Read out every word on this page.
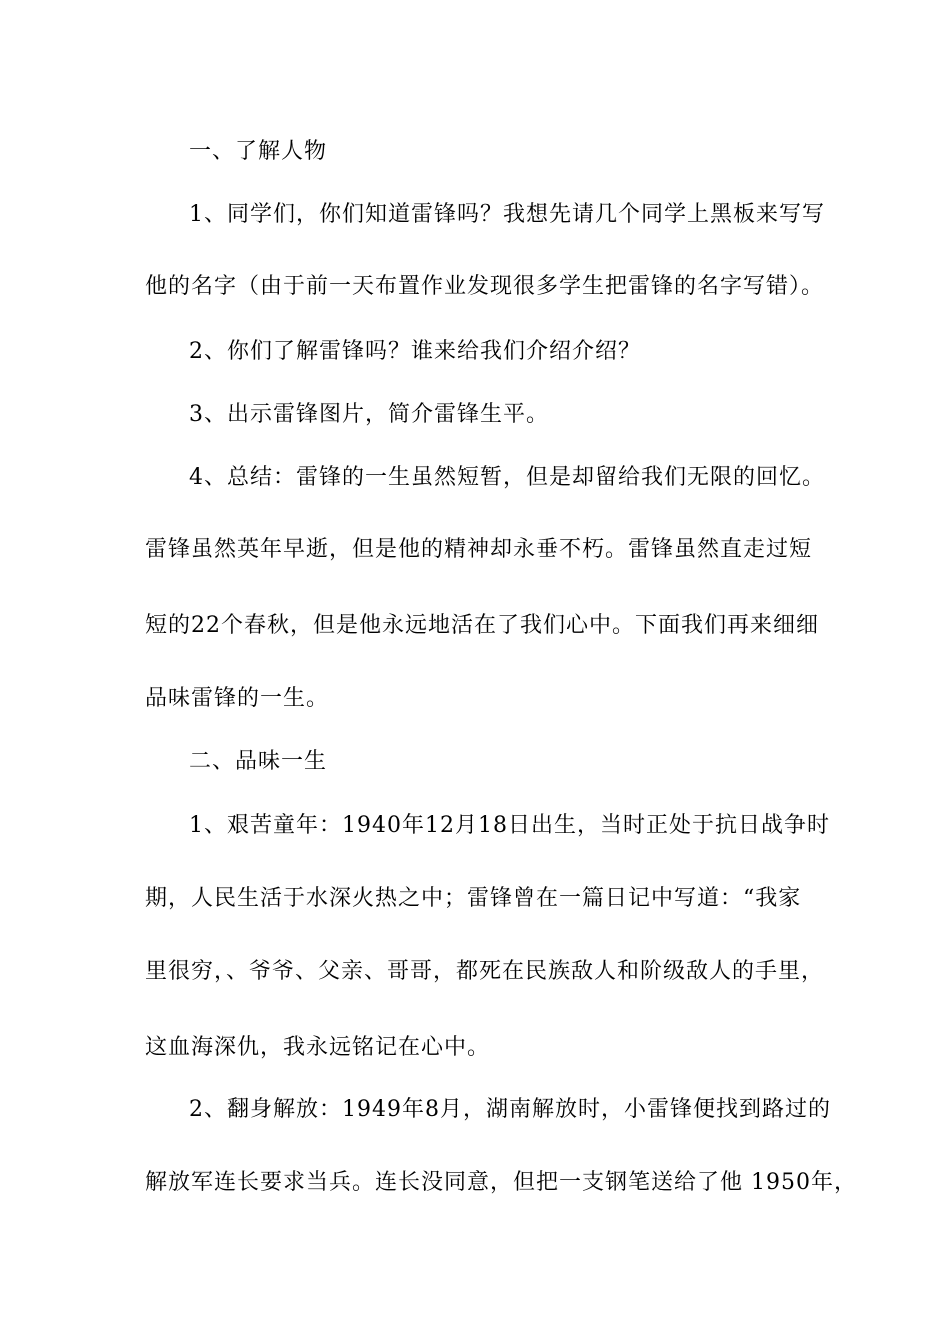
一、了解人物
1、同学们，你们知道雷锋吗？我想先请几个同学上黑板来写写
他的名字（由于前一天布置作业发现很多学生把雷锋的名字写错）。
2、你们了解雷锋吗？谁来给我们介绍介绍？
3、出示雷锋图片，简介雷锋生平。
4、总结：雷锋的一生虽然短暂，但是却留给我们无限的回忆。
雷锋虽然英年早逝，但是他的精神却永垂不朽。雷锋虽然直走过短
短的22个春秋，但是他永远地活在了我们心中。下面我们再来细细
品味雷锋的一生。
二、品味一生
1、艰苦童年：1940年12月18日出生，当时正处于抗日战争时
期，人民生活于水深火热之中；雷锋曾在一篇日记中写道：“我家
里很穷，、爷爷、父亲、哥哥，都死在民族敌人和阶级敌人的手里，
这血海深仇，我永远铭记在心中。
2、翻身解放：1949年8月，湖南解放时，小雷锋便找到路过的
解放军连长要求当兵。连长没同意，但把一支钢笔送给了他 1950年，
